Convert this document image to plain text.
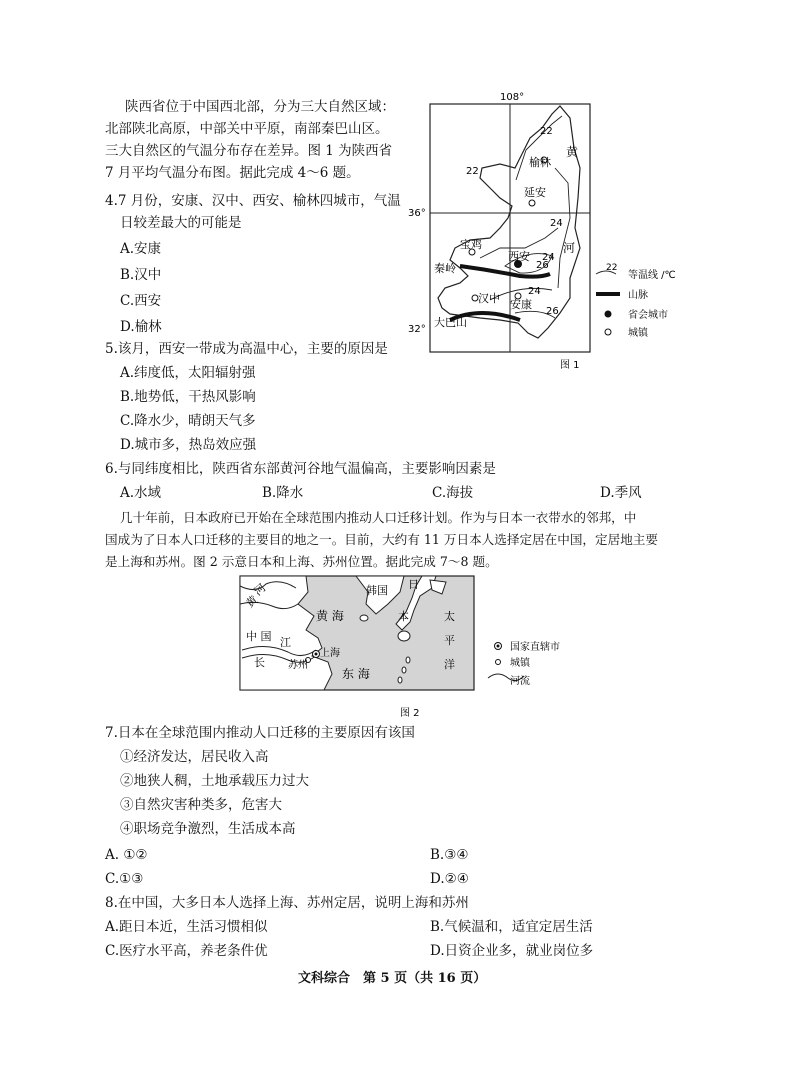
陕西省位于中国西北部，分为三大自然区域：
北部陕北高原，中部关中平原，南部秦巴山区。
三大自然区的气温分布存在差异。图 1 为陕西省
7 月平均气温分布图。据此完成 4～6 题。
4.7 月份，安康、汉中、西安、榆林四城市，气温
日较差最大的可能是
A.安康
B.汉中
C.西安
D.榆林
5.该月，西安一带成为高温中心，主要的原因是
A.纬度低，太阳辐射强
B.地势低，干热风影响
C.降水少，晴朗天气多
D.城市多，热岛效应强
6.与同纬度相比，陕西省东部黄河谷地气温偏高，主要影响因素是
A.水域	B.降水	C.海拔	D.季风
几十年前，日本政府已开始在全球范围内推动人口迁移计划。作为与日本一衣带水的邻邦，中
国成为了日本人口迁移的主要目的地之一。目前，大约有 11 万日本人选择定居在中国，定居地主要
是上海和苏州。图 2 示意日本和上海、苏州位置。据此完成 7～8 题。
108°
36°
32°
22
22
24
26
24
24
26
榆林
延安
宝鸡
西安
汉中 安康
秦岭
大巴山
黄
河
22
等温线 /℃
山脉
省会城市
城镇
图 1
黄
河
中 国 江
长 苏州
上海
黄 海
东 海
韩国 日
本	太
平
洋
国家直辖市
城镇
河流
图 2
7.日本在全球范围内推动人口迁移的主要原因有该国
①经济发达，居民收入高
②地狭人稠，土地承载压力过大
③自然灾害种类多，危害大
④职场竞争激烈，生活成本高
A. ①②	B.③④
C.①③	D.②④
8.在中国，大多日本人选择上海、苏州定居，说明上海和苏州
A.距日本近，生活习惯相似	B.气候温和，适宜定居生活
C.医疗水平高，养老条件优	D.日资企业多，就业岗位多
文科综合　第 5 页（共 16 页）
